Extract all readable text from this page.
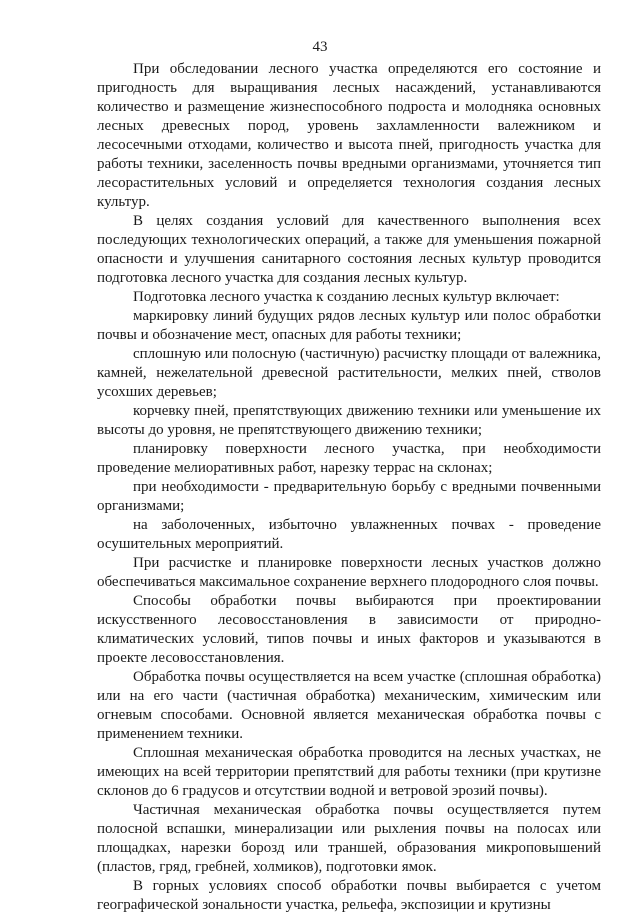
43

При обследовании лесного участка определяются его состояние и пригодность для выращивания лесных насаждений, устанавливаются количество и размещение жизнеспособного подроста и молодняка основных лесных древесных пород, уровень захламленности валежником и лесосечными отходами, количество и высота пней, пригодность участка для работы техники, заселенность почвы вредными организмами, уточняется тип лесорастительных условий и определяется технология создания лесных культур.

В целях создания условий для качественного выполнения всех последующих технологических операций, а также для уменьшения пожарной опасности и улучшения санитарного состояния лесных культур проводится подготовка лесного участка для создания лесных культур.

Подготовка лесного участка к созданию лесных культур включает:

маркировку линий будущих рядов лесных культур или полос обработки почвы и обозначение мест, опасных для работы техники;

сплошную или полосную (частичную) расчистку площади от валежника, камней, нежелательной древесной растительности, мелких пней, стволов усохших деревьев;

корчевку пней, препятствующих движению техники или уменьшение их высоты до уровня, не препятствующего движению техники;

планировку поверхности лесного участка, при необходимости проведение мелиоративных работ, нарезку террас на склонах;

при необходимости - предварительную борьбу с вредными почвенными организмами;

на заболоченных, избыточно увлажненных почвах - проведение осушительных мероприятий.

При расчистке и планировке поверхности лесных участков должно обеспечиваться максимальное сохранение верхнего плодородного слоя почвы.

Способы обработки почвы выбираются при проектировании искусственного лесовосстановления в зависимости от природно-климатических условий, типов почвы и иных факторов и указываются в проекте лесовосстановления.

Обработка почвы осуществляется на всем участке (сплошная обработка) или на его части (частичная обработка) механическим, химическим или огневым способами. Основной является механическая обработка почвы с применением техники.

Сплошная механическая обработка проводится на лесных участках, не имеющих на всей территории препятствий для работы техники (при крутизне склонов до 6 градусов и отсутствии водной и ветровой эрозий почвы).

Частичная механическая обработка почвы осуществляется путем полосной вспашки, минерализации или рыхления почвы на полосах или площадках, нарезки борозд или траншей, образования микроповышений (пластов, гряд, гребней, холмиков), подготовки ямок.

В горных условиях способ обработки почвы выбирается с учетом географической зональности участка, рельефа, экспозиции и крутизны
